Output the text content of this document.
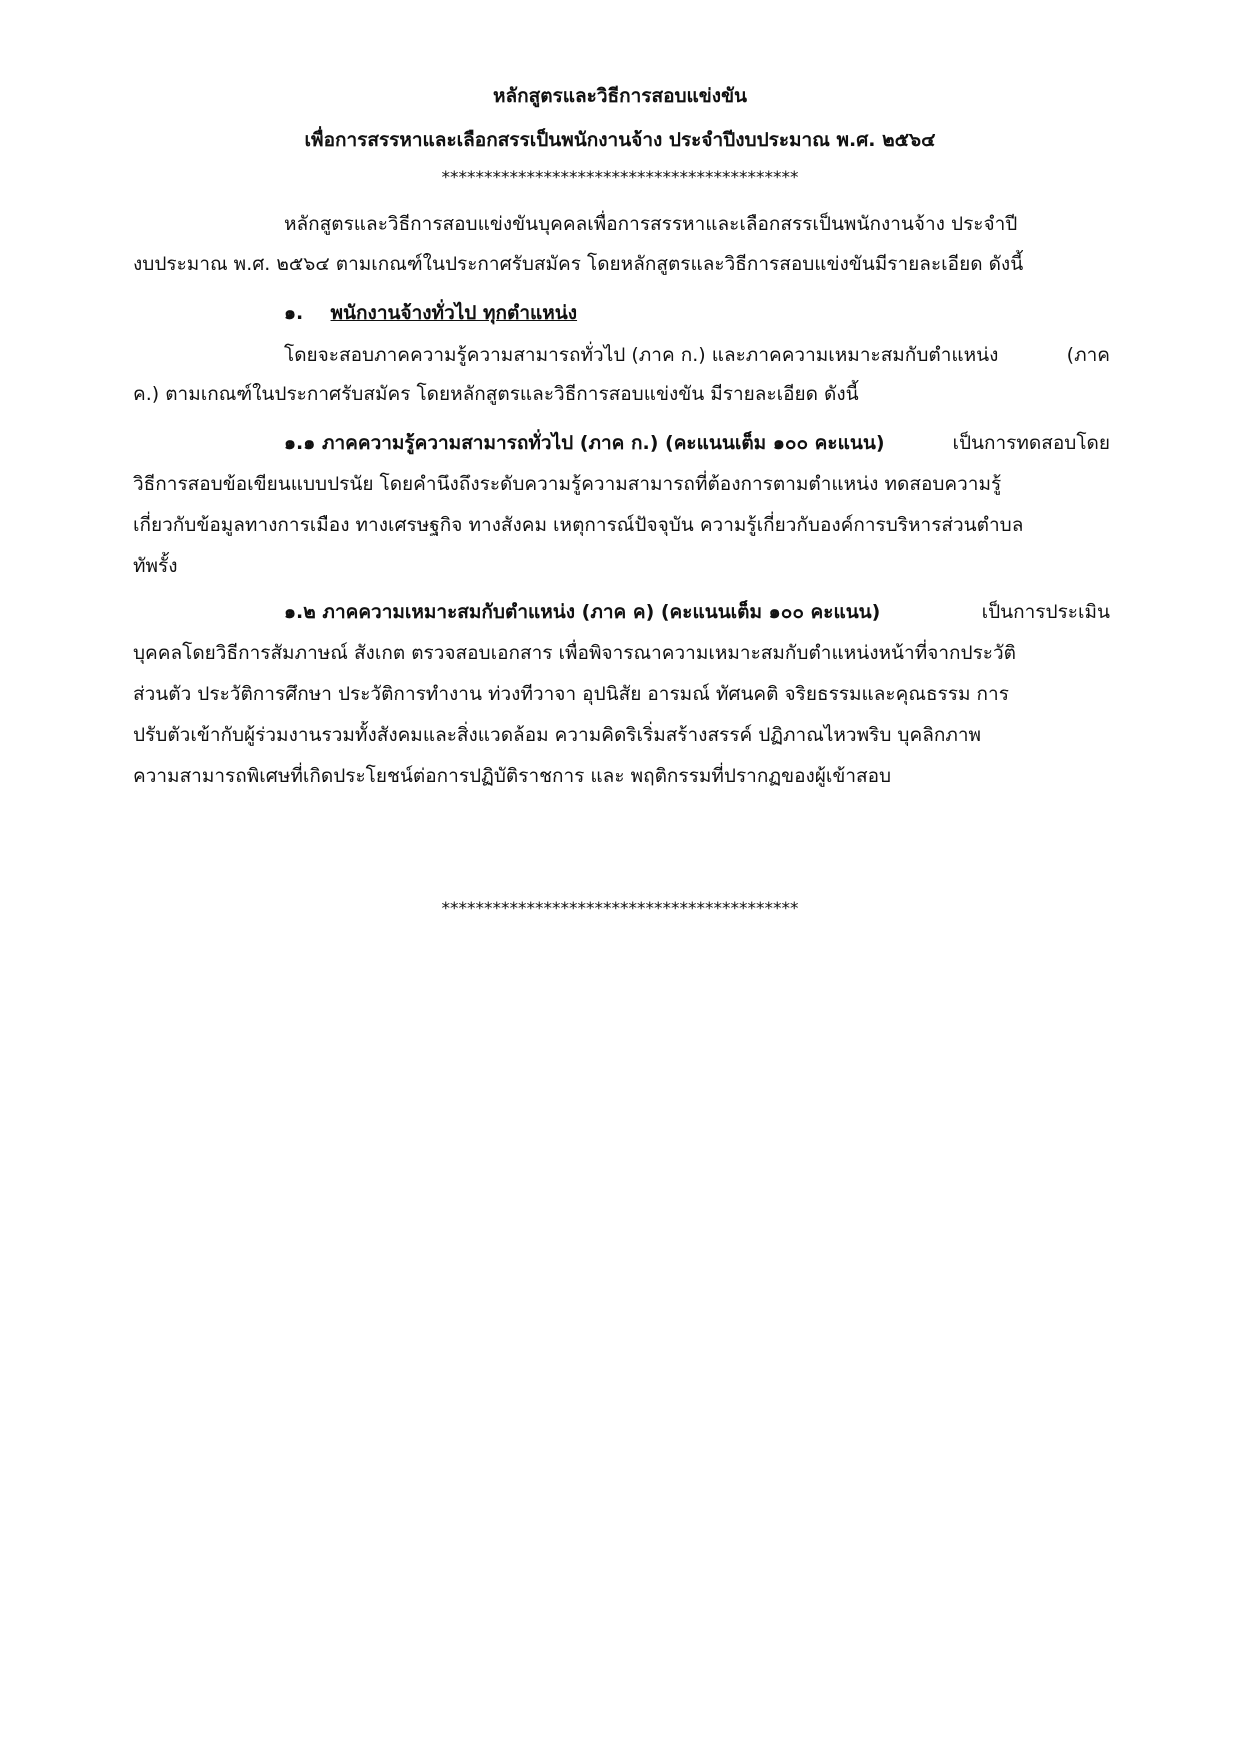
หลักสูตรและวิธีการสอบแข่งขัน
เพื่อการสรรหาและเลือกสรรเป็นพนักงานจ้าง ประจำปีงบประมาณ พ.ศ. ๒๕๖๔
******************************************
หลักสูตรและวิธีการสอบแข่งขันบุคคลเพื่อการสรรหาและเลือกสรรเป็นพนักงานจ้าง ประจำปี
งบประมาณ พ.ศ. ๒๕๖๔ ตามเกณฑ์ในประกาศรับสมัคร โดยหลักสูตรและวิธีการสอบแข่งขันมีรายละเอียด ดังนี้
๑. พนักงานจ้างทั่วไป ทุกตำแหน่ง
โดยจะสอบภาคความรู้ความสามารถทั่วไป (ภาค ก.) และภาคความเหมาะสมกับตำแหน่ง	(ภาค
ค.) ตามเกณฑ์ในประกาศรับสมัคร โดยหลักสูตรและวิธีการสอบแข่งขัน มีรายละเอียด ดังนี้
๑.๑ ภาคความรู้ความสามารถทั่วไป (ภาค ก.) (คะแนนเต็ม ๑๐๐ คะแนน)	เป็นการทดสอบโดย
วิธีการสอบข้อเขียนแบบปรนัย โดยคำนึงถึงระดับความรู้ความสามารถที่ต้องการตามตำแหน่ง ทดสอบความรู้
เกี่ยวกับข้อมูลทางการเมือง ทางเศรษฐกิจ ทางสังคม เหตุการณ์ปัจจุบัน ความรู้เกี่ยวกับองค์การบริหารส่วนตำบล
ทัพรั้ง
๑.๒ ภาคความเหมาะสมกับตำแหน่ง (ภาค ค) (คะแนนเต็ม ๑๐๐ คะแนน)	เป็นการประเมิน
บุคคลโดยวิธีการสัมภาษณ์ สังเกต ตรวจสอบเอกสาร เพื่อพิจารณาความเหมาะสมกับตำแหน่งหน้าที่จากประวัติ
ส่วนตัว ประวัติการศึกษา ประวัติการทำงาน ท่วงทีวาจา อุปนิสัย อารมณ์ ทัศนคติ จริยธรรมและคุณธรรม การ
ปรับตัวเข้ากับผู้ร่วมงานรวมทั้งสังคมและสิ่งแวดล้อม ความคิดริเริ่มสร้างสรรค์ ปฏิภาณไหวพริบ บุคลิกภาพ
ความสามารถพิเศษที่เกิดประโยชน์ต่อการปฏิบัติราชการ และ พฤติกรรมที่ปรากฏของผู้เข้าสอบ
******************************************
